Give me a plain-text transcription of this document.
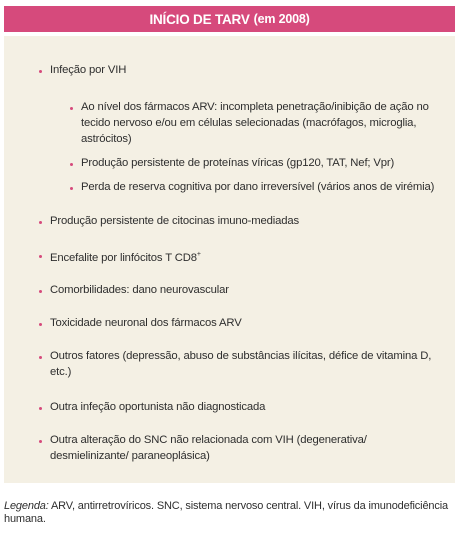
INÍCIO DE TARV (em 2008)
Infeção por VIH
Ao nível dos fármacos ARV: incompleta penetração/inibição de ação no tecido nervoso e/ou em células selecionadas (macrófagos, microglia, astrócitos)
Produção persistente de proteínas víricas (gp120, TAT, Nef; Vpr)
Perda de reserva cognitiva por dano irreversível (vários anos de virémia)
Produção persistente de citocinas imuno-mediadas
Encefalite por linfócitos T CD8+
Comorbilidades: dano neurovascular
Toxicidade neuronal dos fármacos ARV
Outros fatores (depressão, abuso de substâncias ilícitas, défice de vitamina D, etc.)
Outra infeção oportunista não diagnosticada
Outra alteração do SNC não relacionada com VIH (degenerativa/ desmielinizante/ paraneoplásica)
Legenda: ARV, antirretrovíricos. SNC, sistema nervoso central. VIH, vírus da imunodeficiência humana.
